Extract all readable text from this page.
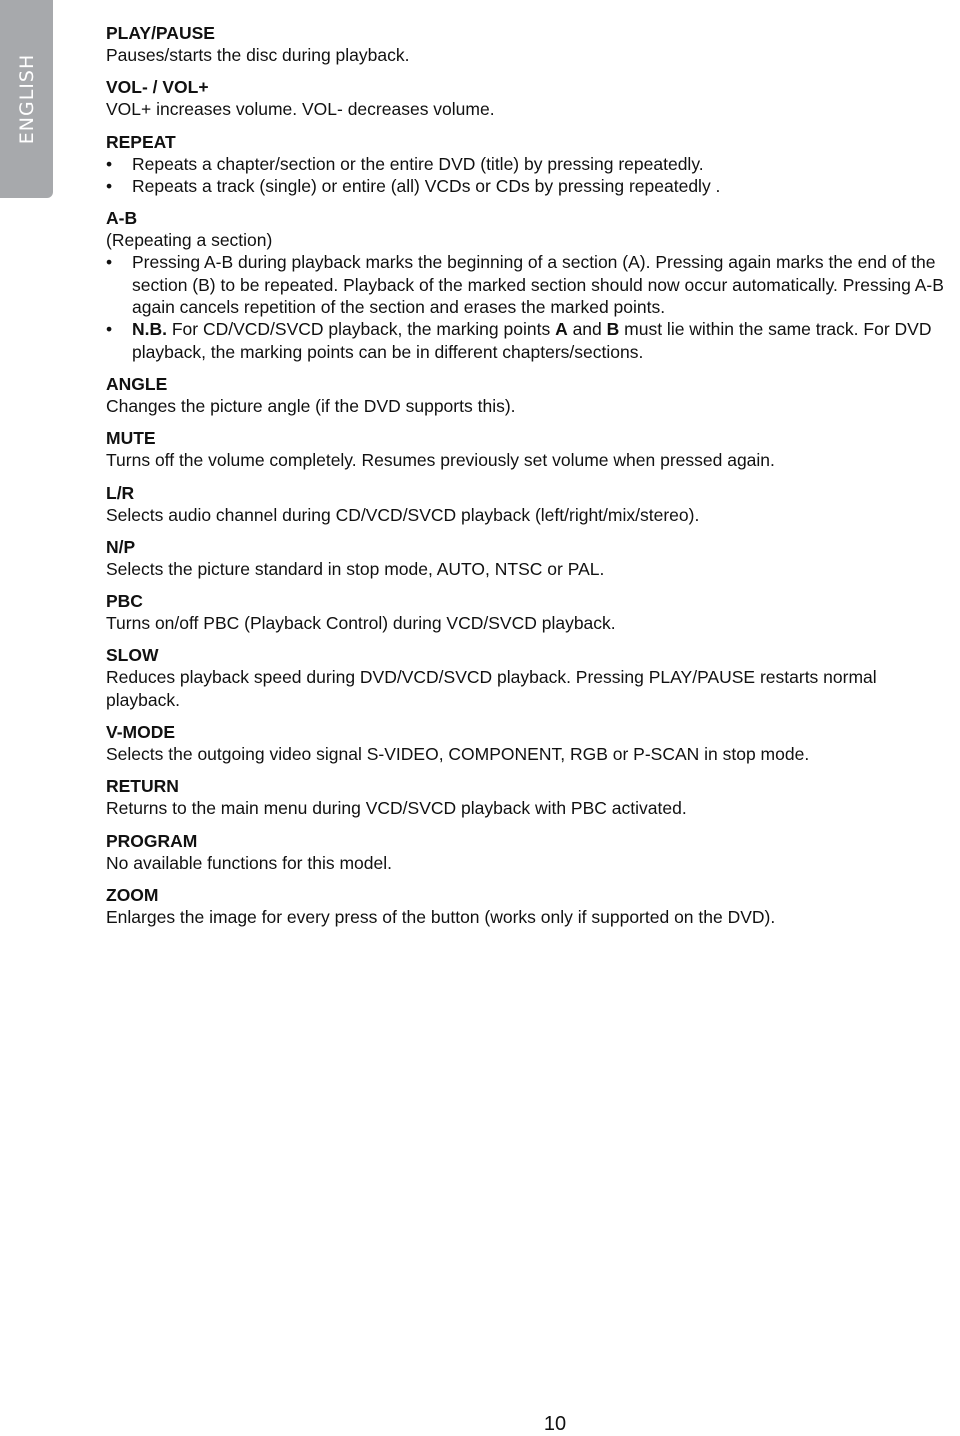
ENGLISH
PLAY/PAUSE
Pauses/starts the disc during playback.
VOL- / VOL+
VOL+ increases volume. VOL- decreases volume.
REPEAT
• Repeats a chapter/section or the entire DVD (title) by pressing repeatedly.
• Repeats a track (single) or entire (all) VCDs or CDs by pressing repeatedly .
A-B
(Repeating a section)
• Pressing A-B during playback marks the beginning of a section (A). Pressing again marks the end of the section (B) to be repeated. Playback of the marked section should now occur automatically. Pressing A-B again cancels repetition of the section and erases the marked points.
• N.B. For CD/VCD/SVCD playback, the marking points A and B must lie within the same track. For DVD playback, the marking points can be in different chapters/sections.
ANGLE
Changes the picture angle (if the DVD supports this).
MUTE
Turns off the volume completely. Resumes previously set volume when pressed again.
L/R
Selects audio channel during CD/VCD/SVCD playback (left/right/mix/stereo).
N/P
Selects the picture standard in stop mode, AUTO, NTSC or PAL.
PBC
Turns on/off PBC (Playback Control) during VCD/SVCD playback.
SLOW
Reduces playback speed during DVD/VCD/SVCD playback. Pressing PLAY/PAUSE restarts normal playback.
V-MODE
Selects the outgoing video signal S-VIDEO, COMPONENT, RGB or P-SCAN in stop mode.
RETURN
Returns to the main menu during VCD/SVCD playback with PBC activated.
PROGRAM
No available functions for this model.
ZOOM
Enlarges the image for every press of the button (works only if supported on the DVD).
10
